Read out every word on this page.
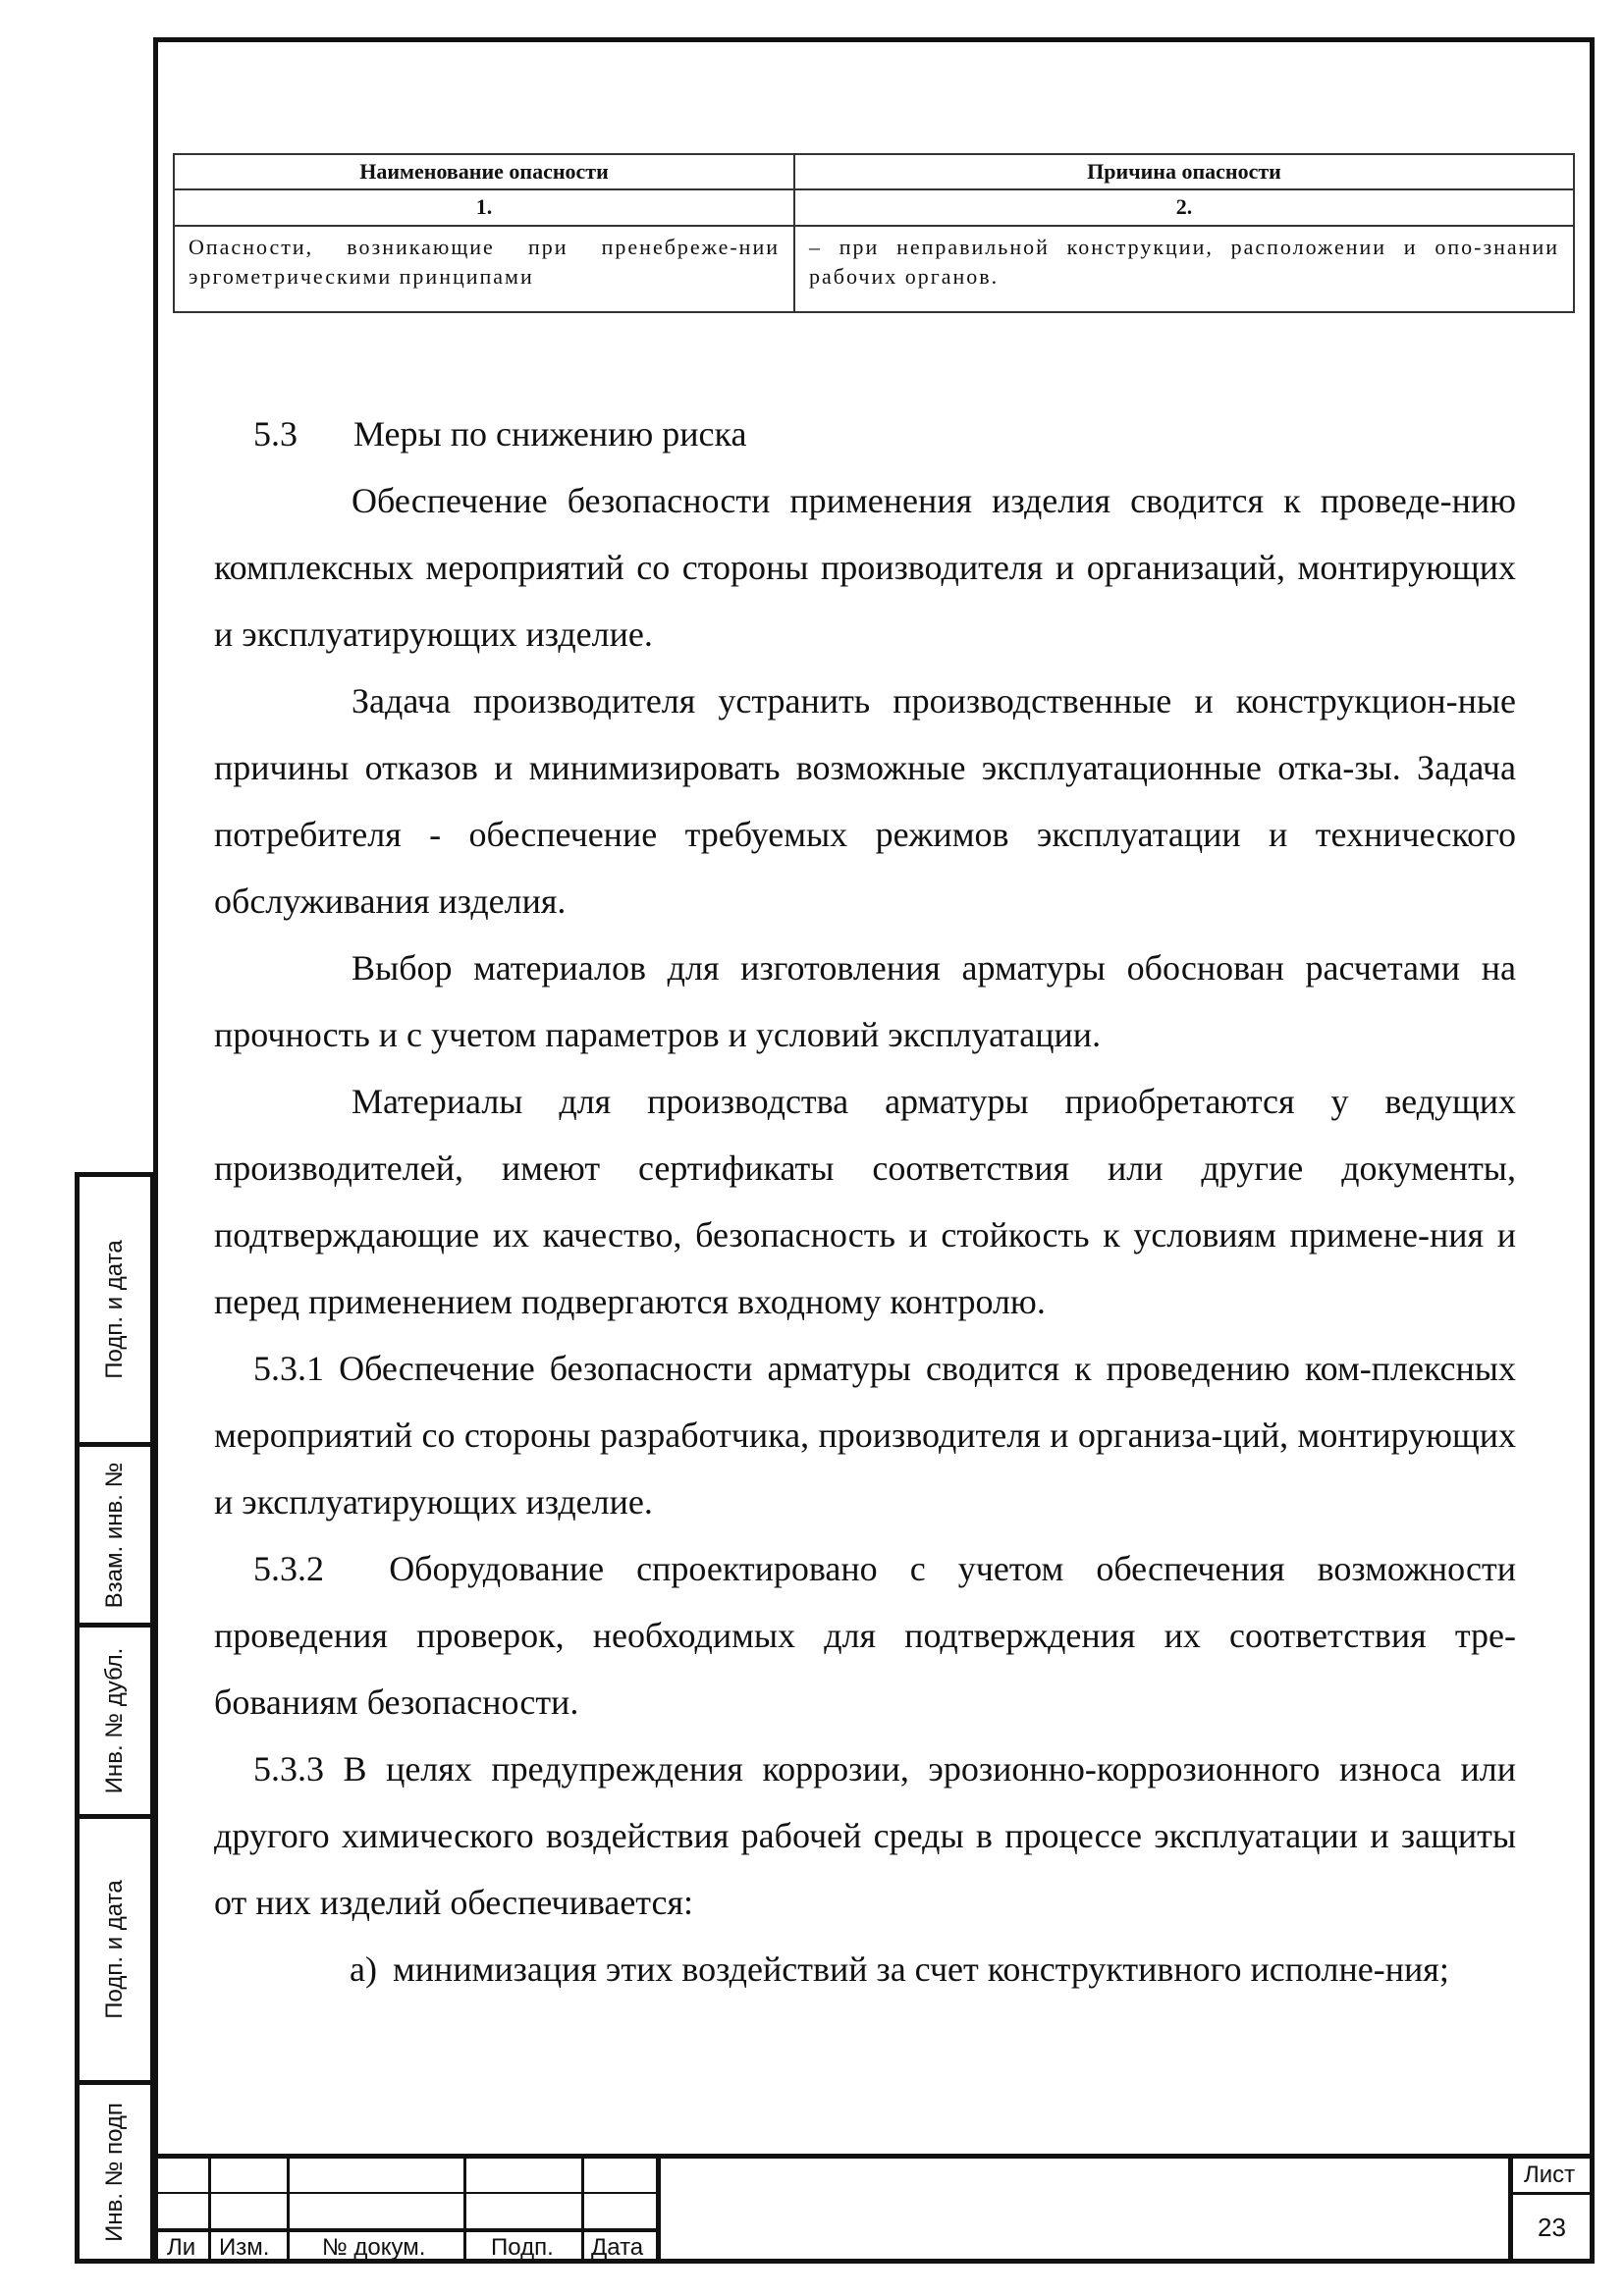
Подп. и дата
Взам. инв. №
Инв. № дубл.
Подп. и дата
Инв. № подп
Наименование опасности	Причина опасности
1.	2.
Опасности, возникающие при пренебреже-нии эргометрическими принципами	– при неправильной конструкции, расположении и опо-знании рабочих органов.

5.3 Меры по снижению риска

Обеспечение безопасности применения изделия сводится к проведе-нию комплексных мероприятий со стороны производителя и организаций, монтирующих и эксплуатирующих изделие.

Задача производителя устранить производственные и конструкцион-ные причины отказов и минимизировать возможные эксплуатационные отка-зы. Задача потребителя - обеспечение требуемых режимов эксплуатации и технического обслуживания изделия.

Выбор материалов для изготовления арматуры обоснован расчетами на прочность и с учетом параметров и условий эксплуатации.

Материалы для производства арматуры приобретаются у ведущих производителей, имеют сертификаты соответствия или другие документы, подтверждающие их качество, безопасность и стойкость к условиям примене-ния и перед применением подвергаются входному контролю.

5.3.1 Обеспечение безопасности арматуры сводится к проведению ком-плексных мероприятий со стороны разработчика, производителя и организа-ций, монтирующих и эксплуатирующих изделие.

5.3.2 Оборудование спроектировано с учетом обеспечения возможности проведения проверок, необходимых для подтверждения их соответствия тре-бованиям безопасности.

5.3.3 В целях предупреждения коррозии, эрозионно-коррозионного износа или другого химического воздействия рабочей среды в процессе эксплуатации и защиты от них изделий обеспечивается:

а) минимизация этих воздействий за счет конструктивного исполне-ния;

Ли Изм. № докум.	Подп. Дата
Лист
23
